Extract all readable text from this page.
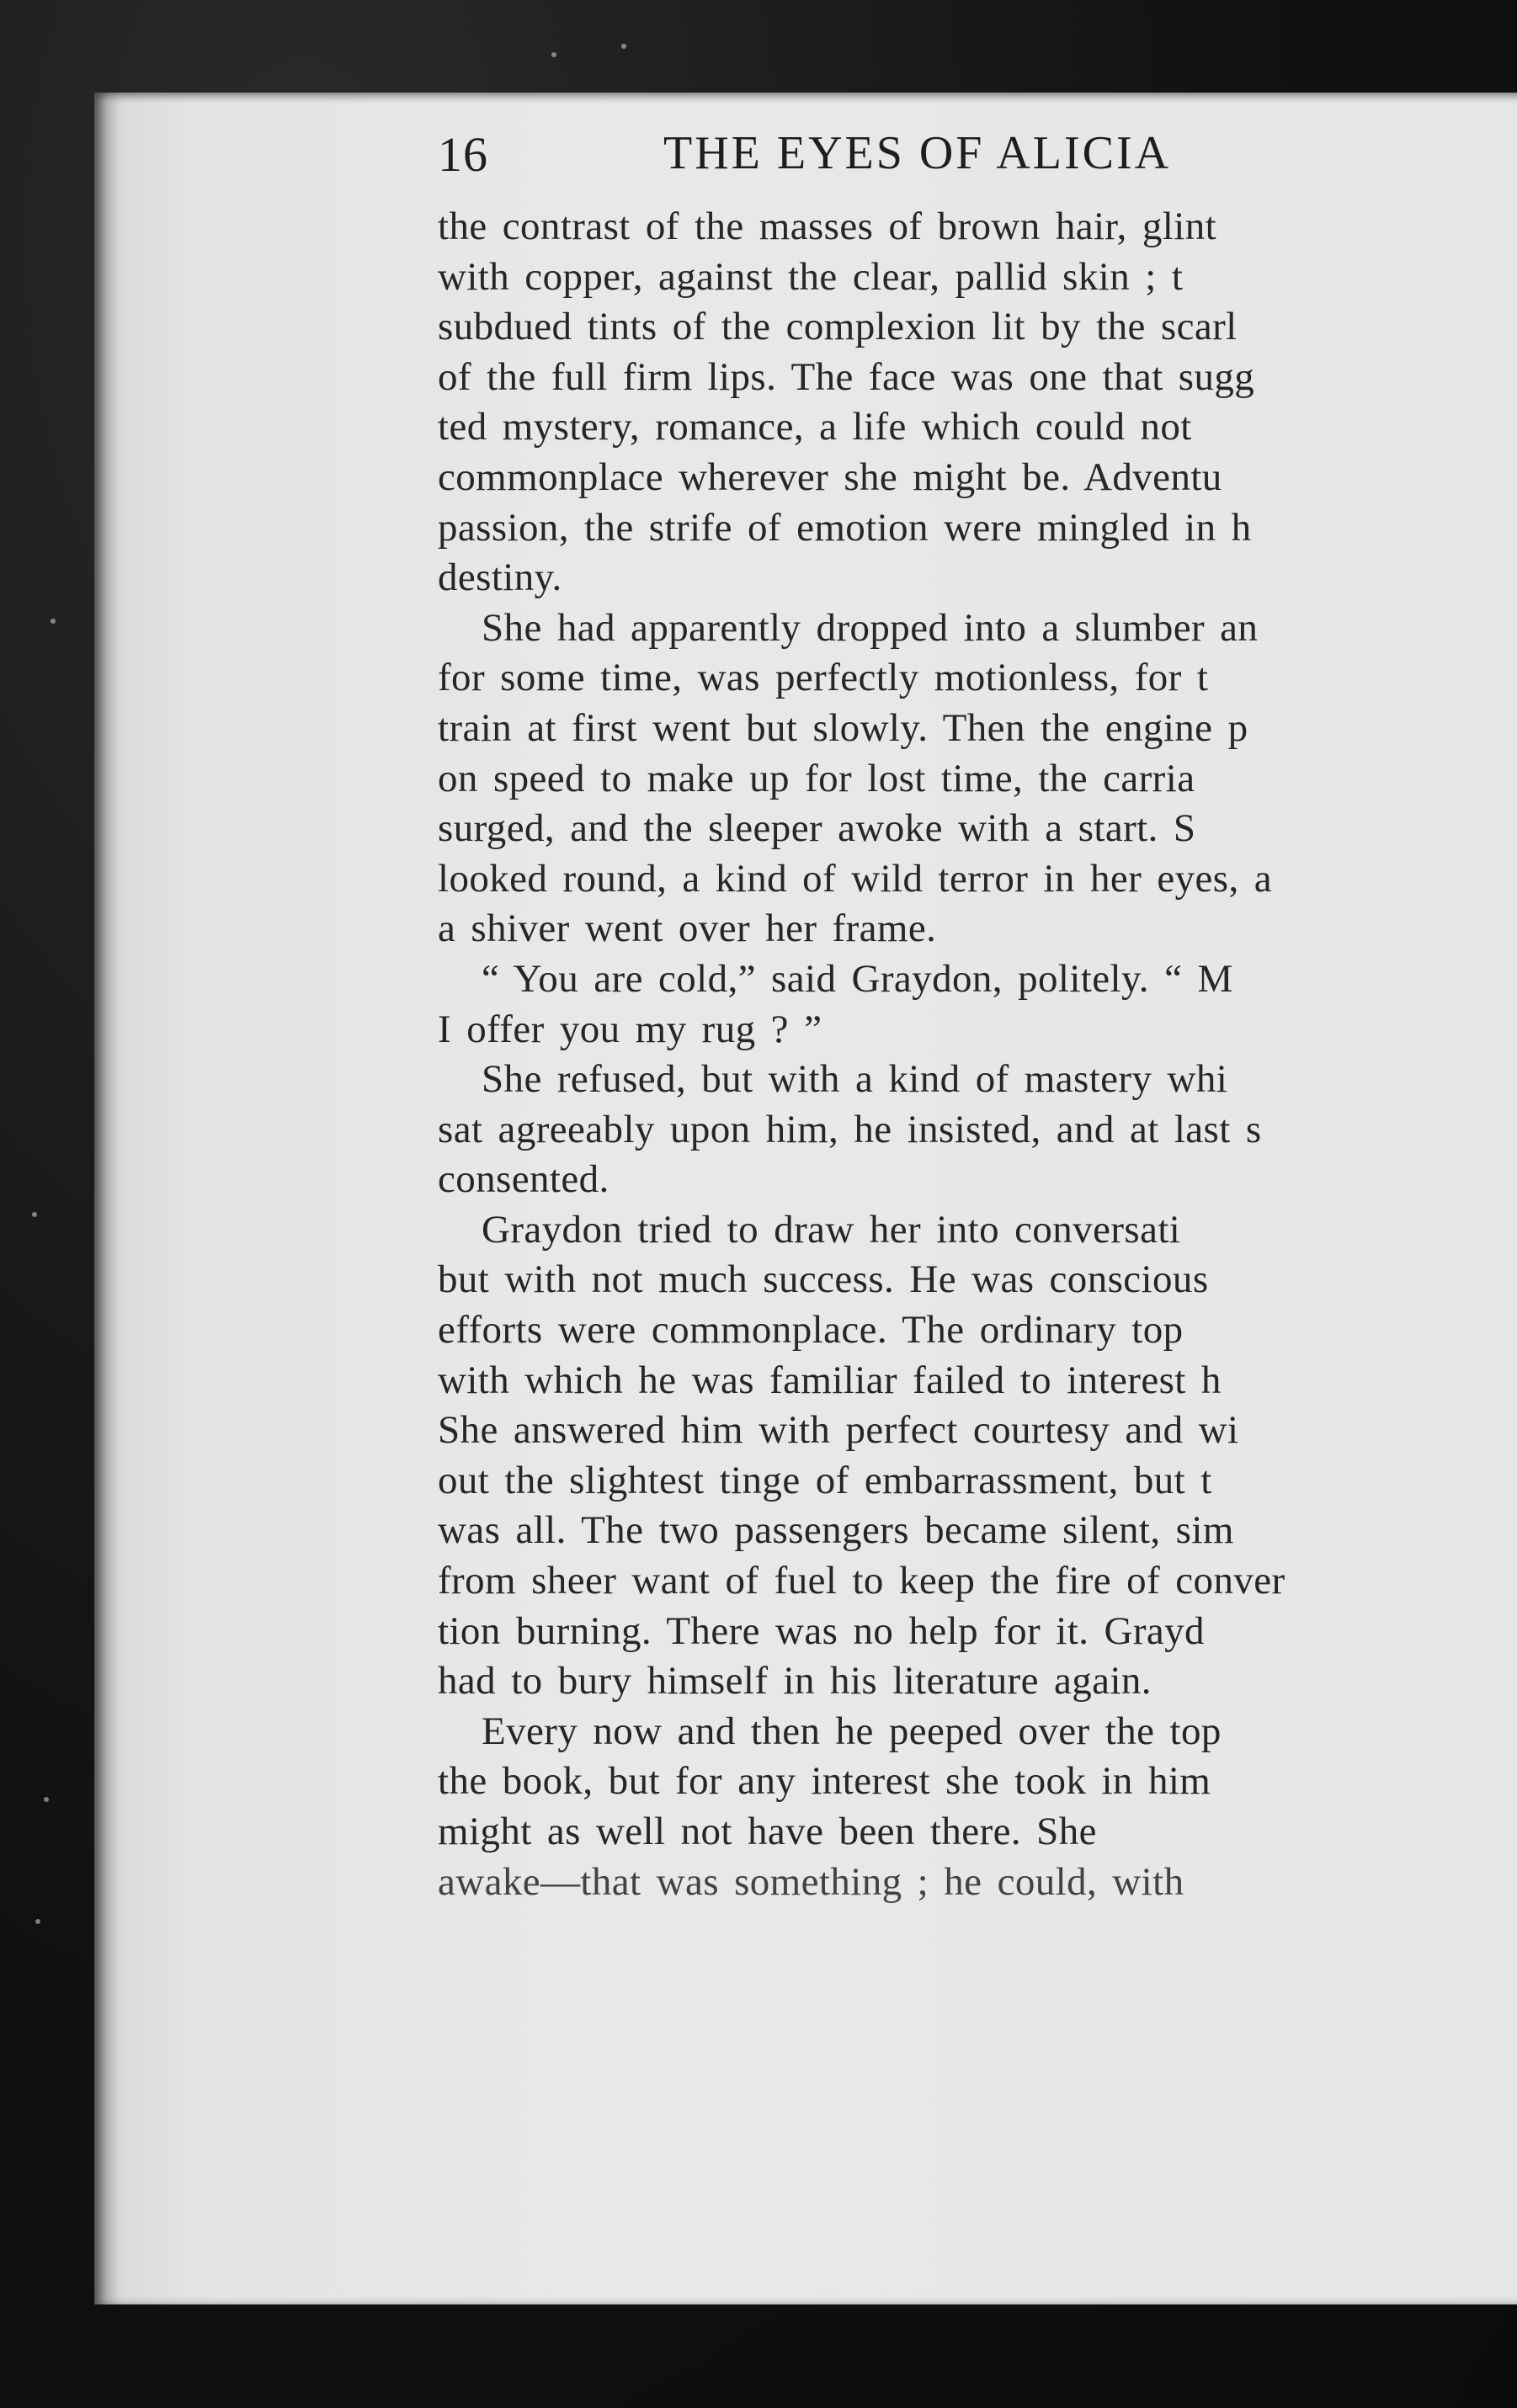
16	THE EYES OF ALICIA
the contrast of the masses of brown hair, glint
with copper, against the clear, pallid skin ; t
subdued tints of the complexion lit by the scarl
of the full firm lips. The face was one that sugg
ted mystery, romance, a life which could not
commonplace wherever she might be. Adventu
passion, the strife of emotion were mingled in h
destiny.
She had apparently dropped into a slumber an
for some time, was perfectly motionless, for t
train at first went but slowly. Then the engine p
on speed to make up for lost time, the carria
surged, and the sleeper awoke with a start. S
looked round, a kind of wild terror in her eyes, a
a shiver went over her frame.
“ You are cold,” said Graydon, politely. “ M
I offer you my rug ? ”
She refused, but with a kind of mastery whi
sat agreeably upon him, he insisted, and at last s
consented.
Graydon tried to draw her into conversati
but with not much success. He was conscious
efforts were commonplace. The ordinary top
with which he was familiar failed to interest h
She answered him with perfect courtesy and wi
out the slightest tinge of embarrassment, but t
was all. The two passengers became silent, sim
from sheer want of fuel to keep the fire of conver
tion burning. There was no help for it. Grayd
had to bury himself in his literature again.
Every now and then he peeped over the top
the book, but for any interest she took in him
might as well not have been there. She
awake—that was something ; he could, with
